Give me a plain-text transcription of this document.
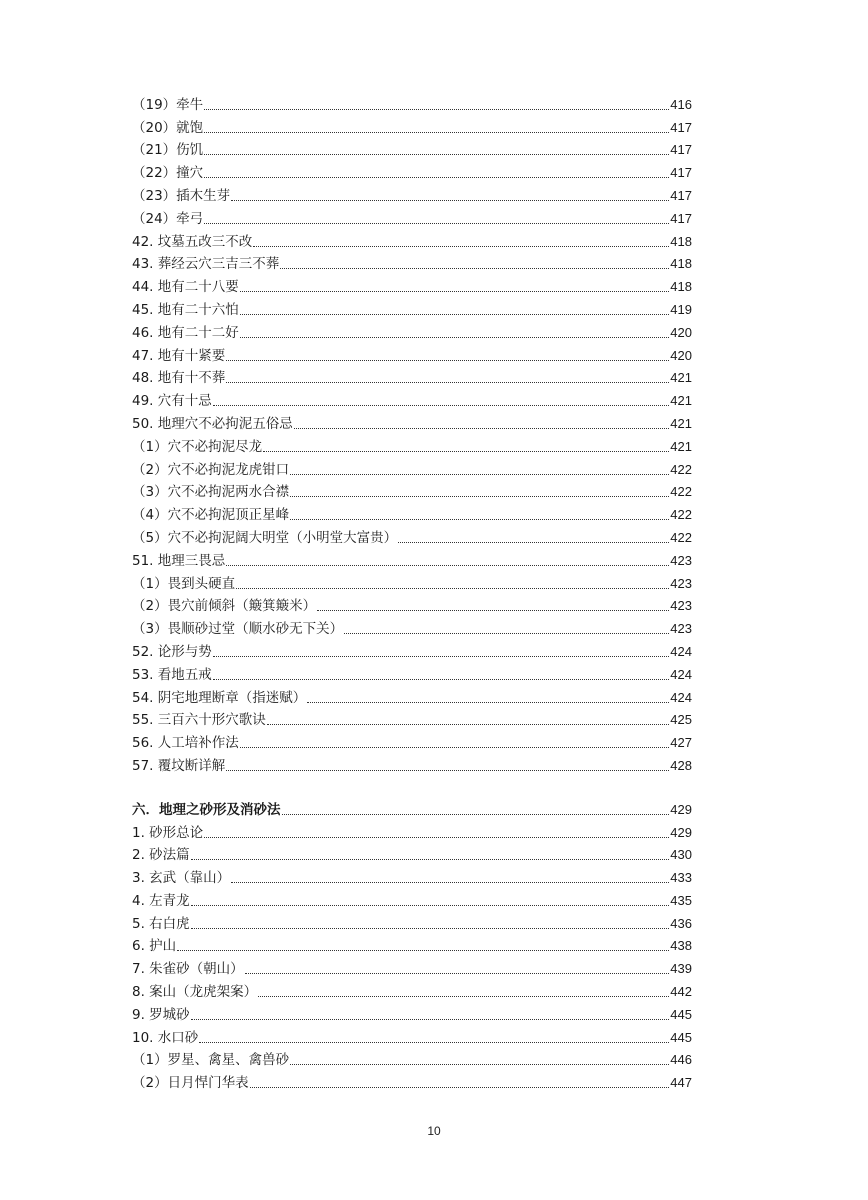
（19）牵牛	416
（20）就饱	417
（21）伤饥	417
（22）撞穴	417
（23）插木生芽	417
（24）牵弓	417
42. 坟墓五改三不改	418
43. 葬经云穴三吉三不葬	418
44. 地有二十八要	418
45. 地有二十六怕	419
46. 地有二十二好	420
47. 地有十紧要	420
48. 地有十不葬	421
49. 穴有十忌	421
50. 地理穴不必拘泥五俗忌	421
（1）穴不必拘泥尽龙	421
（2）穴不必拘泥龙虎钳口	422
（3）穴不必拘泥两水合襟	422
（4）穴不必拘泥顶正星峰	422
（5）穴不必拘泥阔大明堂（小明堂大富贵）	422
51. 地理三畏忌	423
（1）畏到头硬直	423
（2）畏穴前倾斜（簸箕簸米）	423
（3）畏顺砂过堂（顺水砂无下关）	423
52. 论形与势	424
53. 看地五戒	424
54. 阴宅地理断章（指迷赋）	424
55. 三百六十形穴歌诀	425
56. 人工培补作法	427
57. 覆坟断详解	428
六．地理之砂形及消砂法	429
1. 砂形总论	429
2. 砂法篇	430
3. 玄武（靠山）	433
4. 左青龙	435
5. 右白虎	436
6. 护山	438
7. 朱雀砂（朝山）	439
8. 案山（龙虎架案）	442
9. 罗城砂	445
10. 水口砂	445
（1）罗星、禽星、禽兽砂	446
（2）日月悍门华表	447
10
